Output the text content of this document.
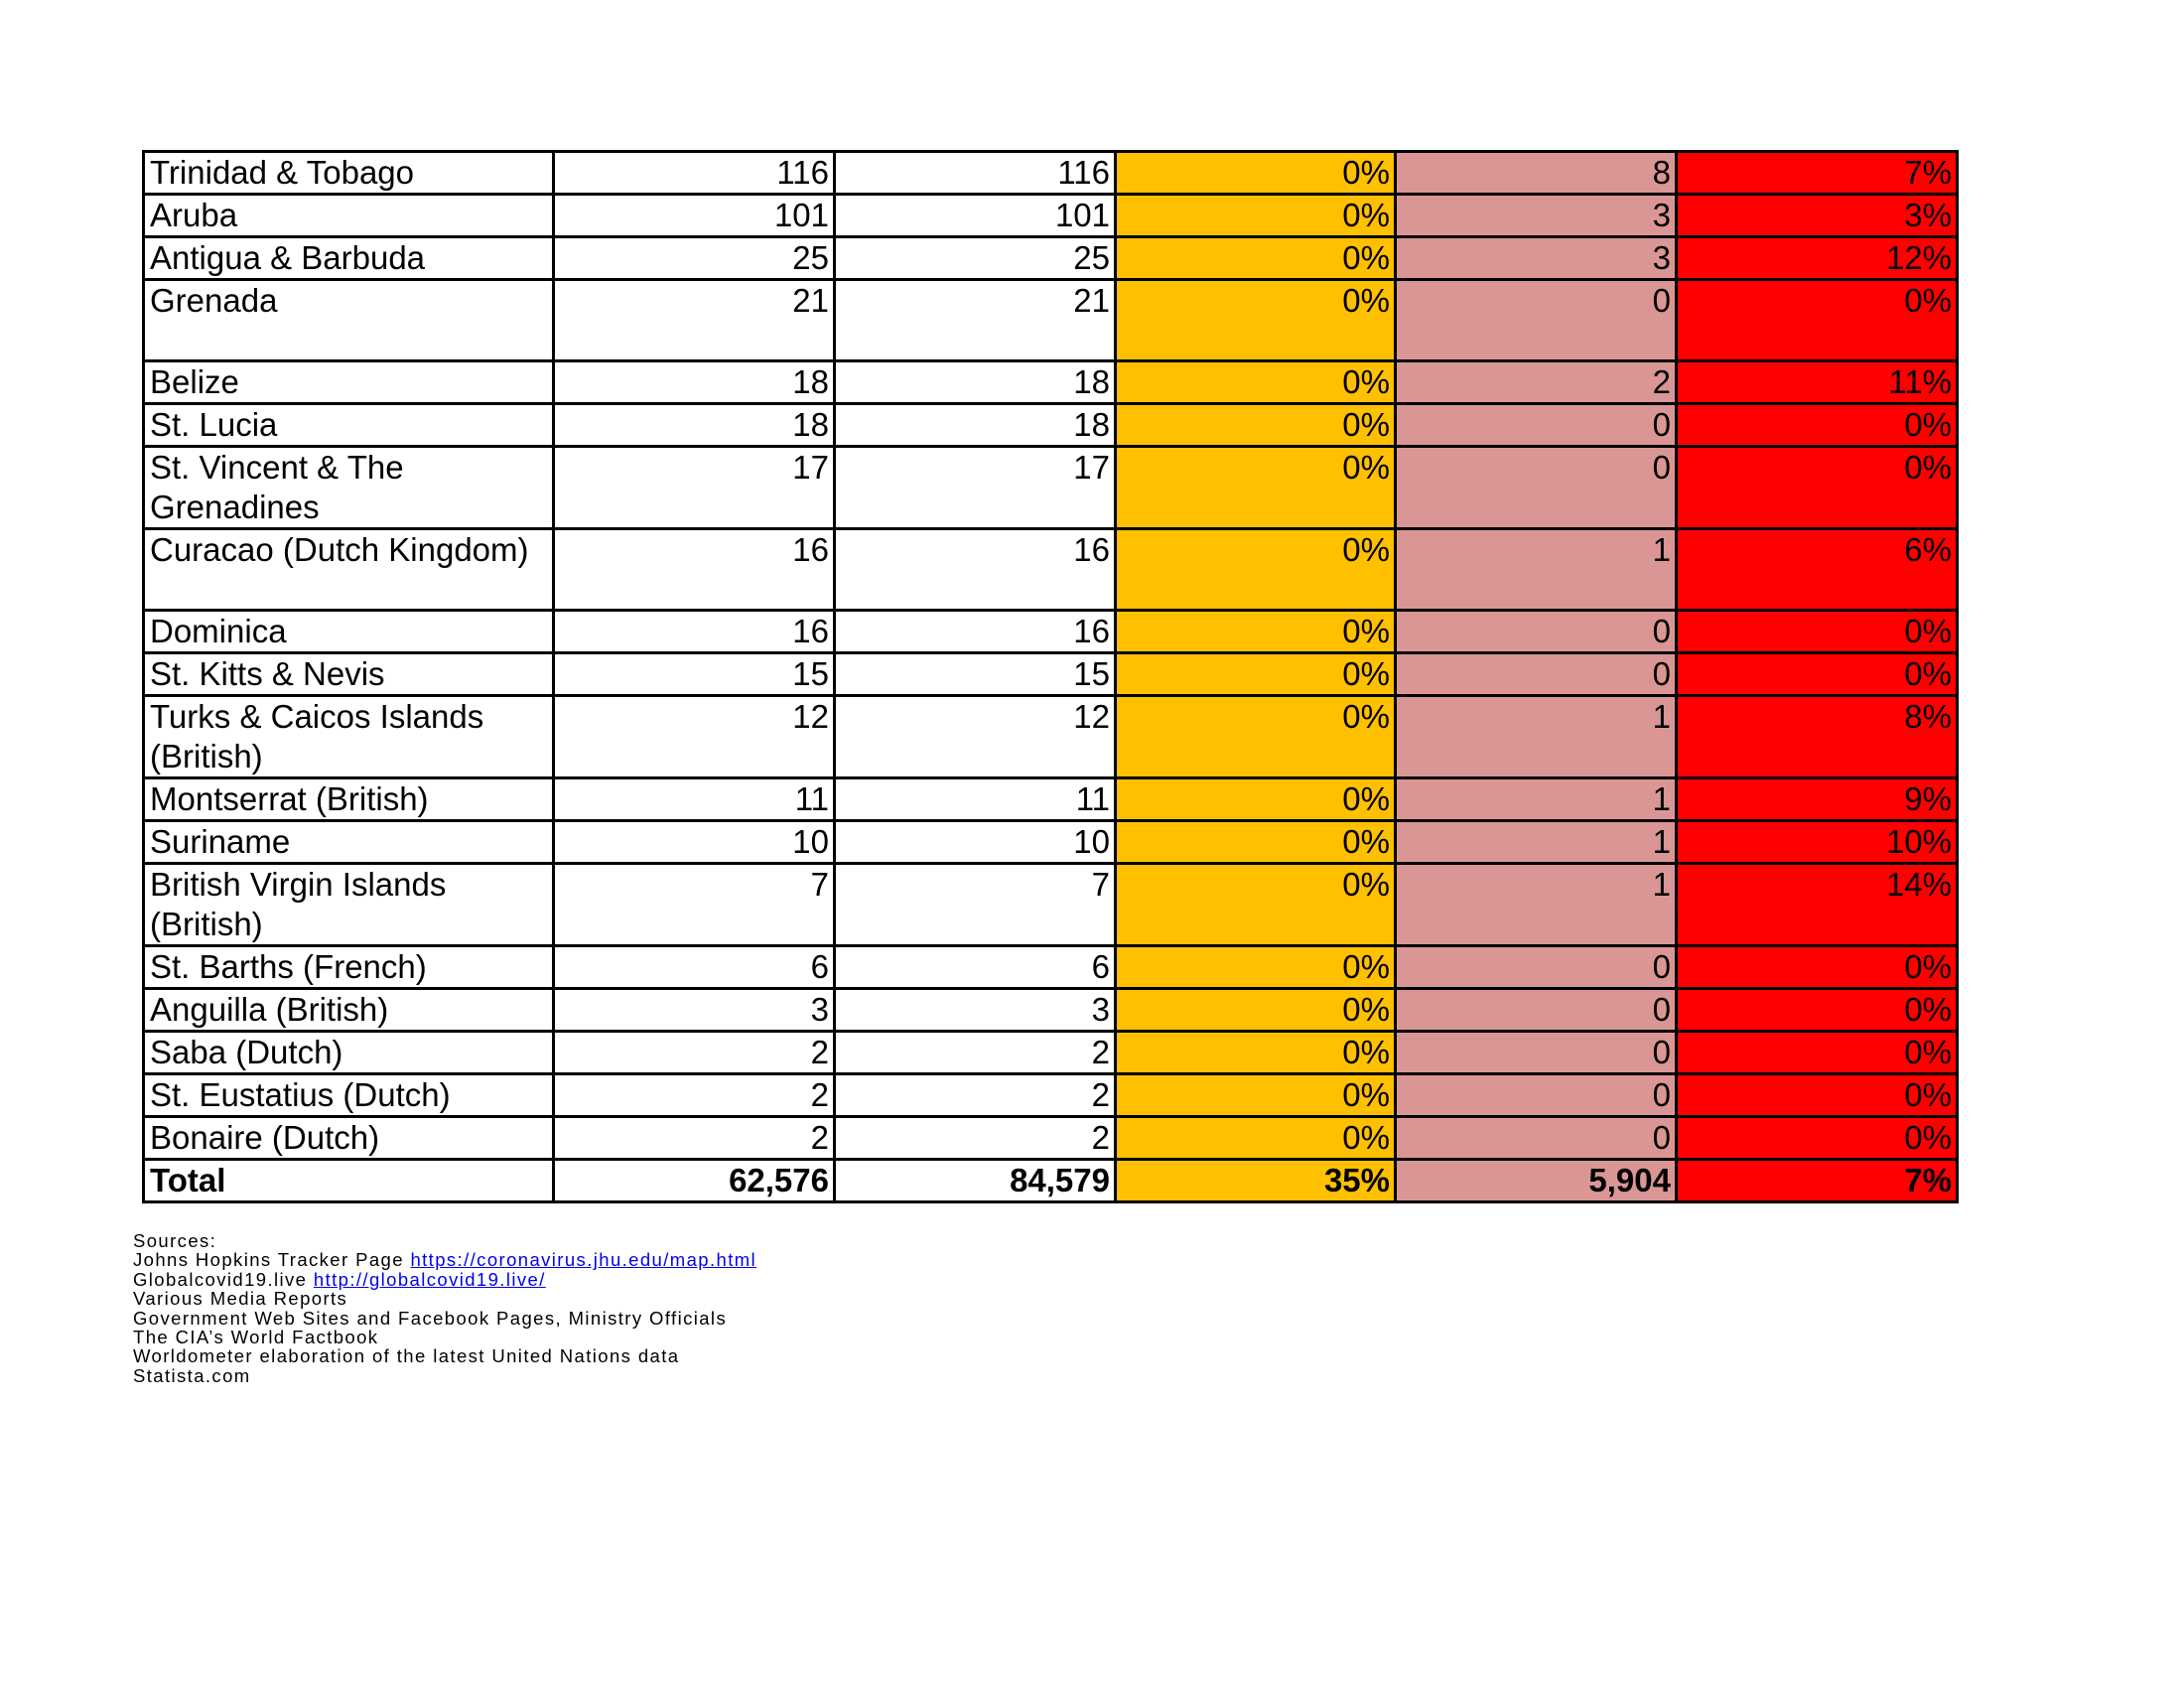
Trinidad & Tobago	116	116	0%	8	7%
Aruba	101	101	0%	3	3%
Antigua & Barbuda	25	25	0%	3	12%
Grenada	21	21	0%	0	0%
Belize	18	18	0%	2	11%
St. Lucia	18	18	0%	0	0%
St. Vincent & The Grenadines	17	17	0%	0	0%
Curacao (Dutch Kingdom)	16	16	0%	1	6%
Dominica	16	16	0%	0	0%
St. Kitts & Nevis	15	15	0%	0	0%
Turks & Caicos Islands (British)	12	12	0%	1	8%
Montserrat (British)	11	11	0%	1	9%
Suriname	10	10	0%	1	10%
British Virgin Islands (British)	7	7	0%	1	14%
St. Barths (French)	6	6	0%	0	0%
Anguilla (British)	3	3	0%	0	0%
Saba (Dutch)	2	2	0%	0	0%
St. Eustatius (Dutch)	2	2	0%	0	0%
Bonaire (Dutch)	2	2	0%	0	0%
Total	62,576	84,579	35%	5,904	7%
Sources:
Johns Hopkins Tracker Page https://coronavirus.jhu.edu/map.html
Globalcovid19.live http://globalcovid19.live/
Various Media Reports
Government Web Sites and Facebook Pages, Ministry Officials
The CIA’s World Factbook
Worldometer elaboration of the latest United Nations data
Statista.com
